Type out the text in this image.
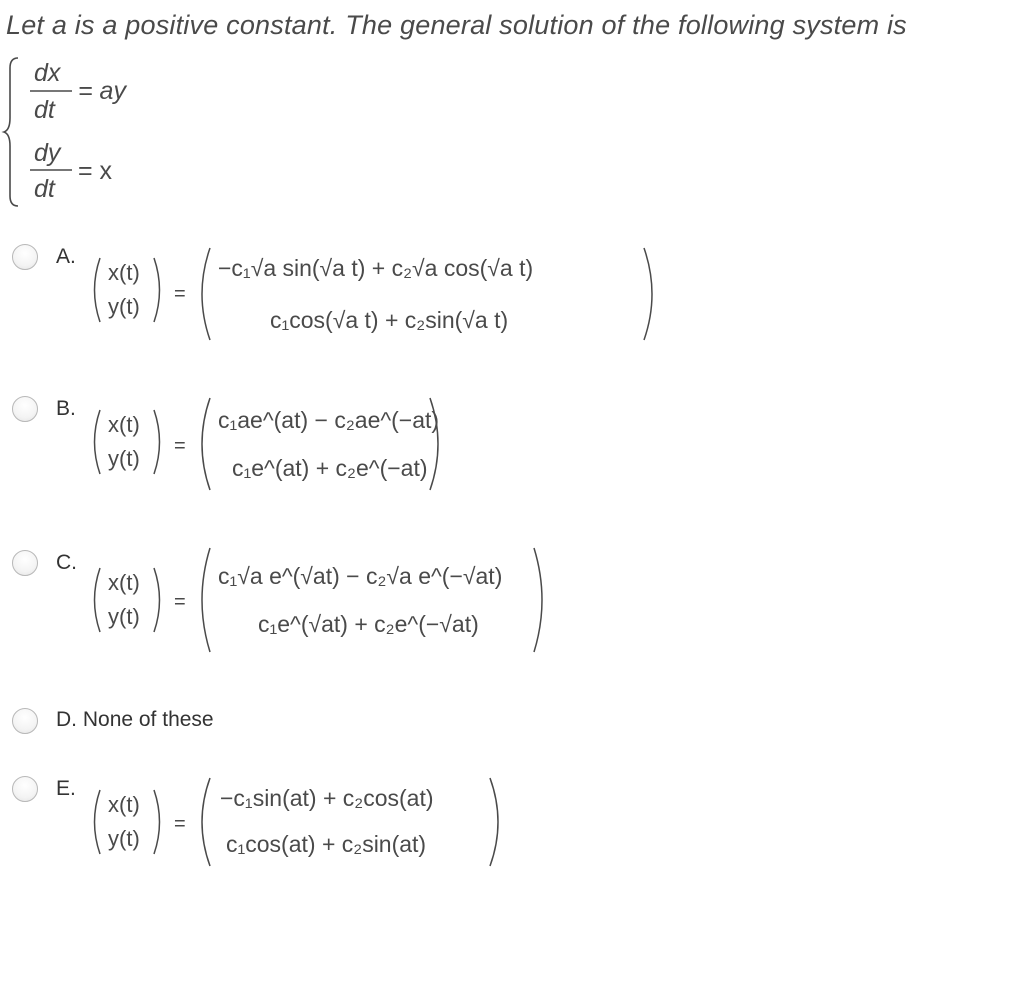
Let a is a positive constant. The general solution of the following system is
dx
dt
= ay
dy
dt
= x
A.
x(t)
y(t) =
−c₁√a sin(√a t) + c₂√a cos(√a t)
c₁cos(√a t) + c₂sin(√a t)
B.
x(t)
y(t) =
c₁ae^(at) − c₂ae^(−at)
c₁e^(at) + c₂e^(−at)
C.
x(t)
y(t)
=
c₁√a e^(√at) − c₂√a e^(−√at)
c₁e^(√at) + c₂e^(−√at)
D. None of these
E.
x(t)
y(t)
=
−c₁sin(at) + c₂cos(at)
c₁cos(at) + c₂sin(at)
